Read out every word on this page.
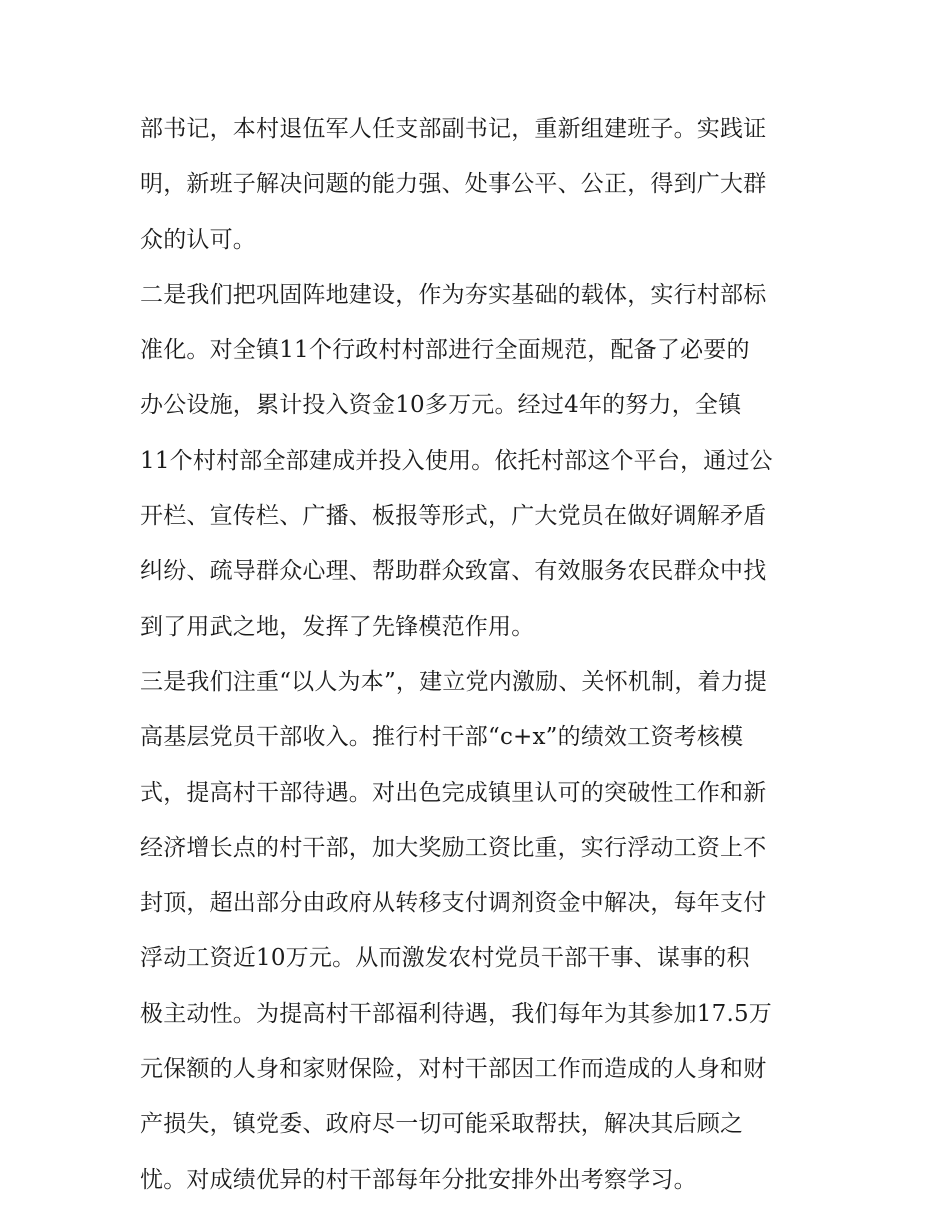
部书记，本村退伍军人任支部副书记，重新组建班子。实践证
明，新班子解决问题的能力强、处事公平、公正，得到广大群
众的认可。
二是我们把巩固阵地建设，作为夯实基础的载体，实行村部标
准化。对全镇11个行政村村部进行全面规范，配备了必要的
办公设施，累计投入资金10多万元。经过4年的努力，全镇
11个村村部全部建成并投入使用。依托村部这个平台，通过公
开栏、宣传栏、广播、板报等形式，广大党员在做好调解矛盾
纠纷、疏导群众心理、帮助群众致富、有效服务农民群众中找
到了用武之地，发挥了先锋模范作用。
三是我们注重“以人为本”，建立党内激励、关怀机制，着力提
高基层党员干部收入。推行村干部“c+x”的绩效工资考核模
式，提高村干部待遇。对出色完成镇里认可的突破性工作和新
经济增长点的村干部，加大奖励工资比重，实行浮动工资上不
封顶，超出部分由政府从转移支付调剂资金中解决，每年支付
浮动工资近10万元。从而激发农村党员干部干事、谋事的积
极主动性。为提高村干部福利待遇，我们每年为其参加17.5万
元保额的人身和家财保险，对村干部因工作而造成的人身和财
产损失，镇党委、政府尽一切可能采取帮扶，解决其后顾之
忧。对成绩优异的村干部每年分批安排外出考察学习。
